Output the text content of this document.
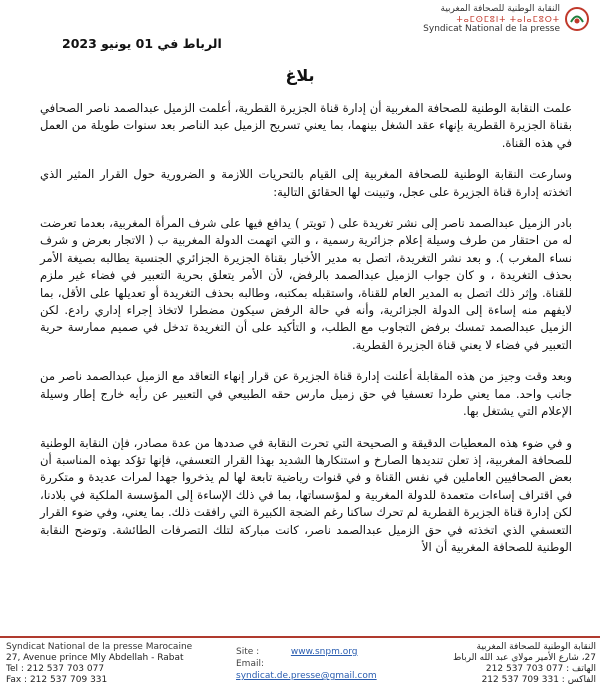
النقابة الوطنية للصحافة المغربية
ⵜⴰⵎⵙⵎⵓⵏⵜ ⵜⴰⵏⴰⵎⵓⵔⵜ
Syndicat National de la presse
الرباط في 01 يونيو 2023
بلاغ

علمت النقابة الوطنية للصحافة المغربية أن إدارة قناة الجزيرة القطرية، أعلمت الزميل عبدالصمد ناصر الصحافي بقناة الجزيرة القطرية بإنهاء عقد الشغل بينهما، بما يعني تسريح الزميل عبد الناصر بعد سنوات طويلة من العمل في هذه القناة.

وسارعت النقابة الوطنية للصحافة المغربية إلى القيام بالتحريات اللازمة و الضرورية حول القرار المثير الذي اتخذته إدارة قناة الجزيرة على عجل، وتبينت لها الحقائق التالية:

بادر الزميل عبدالصمد ناصر إلى نشر تغريدة على ( تويتر ) يدافع فيها على شرف المرأة المغربية، بعدما تعرضت له من احتقار من طرف وسيلة إعلام جزائرية رسمية ، و التي اتهمت الدولة المغربية ب ( الاتجار بعرض و شرف نساء المغرب ). و بعد نشر التغريدة، اتصل به مدير الأخبار بقناة الجزيرة الجزائري الجنسية يطالبه بصيغة الأمر بحذف التغريدة ، و كان جواب الزميل عبدالصمد بالرفض، لأن الأمر يتعلق بحرية التعبير في فضاء غير ملزم للقناة. وإثر ذلك اتصل به المدير العام للقناة، واستقبله بمكتبه، وطالبه بحذف التغريدة أو تعديلها على الأقل، بما لايفهم منه إساءة إلى الدولة الجزائرية، وأنه في حالة الرفض سيكون مضطرا لاتخاذ إجراء إداري رادع. لكن الزميل عبدالصمد تمسك برفض التجاوب مع الطلب، و التأكيد على أن التغريدة تدخل في صميم ممارسة حرية التعبير في فضاء لا يعني قناة الجزيرة القطرية.

وبعد وقت وجيز من هذه المقابلة أعلنت إدارة قناة الجزيرة عن قرار إنهاء التعاقد مع الزميل عبدالصمد ناصر من جانب واحد. مما يعني طردا تعسفيا في حق زميل مارس حقه الطبيعي في التعبير عن رأيه خارج إطار وسيلة الإعلام التي يشتغل بها.

و في ضوء هذه المعطيات الدقيقة و الصحيحة التي تحرت النقابة في صددها من عدة مصادر، فإن النقابة الوطنية للصحافة المغربية، إذ تعلن تنديدها الصارخ و استنكارها الشديد بهذا القرار التعسفي، فإنها تؤكد بهذه المناسبة أن بعض الصحافيين العاملين في نفس القناة و في قنوات رياضية تابعة لها لم يذخروا جهدا لمرات عديدة و متكررة في اقتراف إساءات متعمدة للدولة المغربية و لمؤسساتها، بما في ذلك الإساءة إلى المؤسسة الملكية في بلادنا، لكن إدارة قناة الجزيرة القطرية لم تحرك ساكنا رغم الضجة الكبيرة التي رافقت ذلك. بما يعني، وفي ضوء القرار التعسفي الذي اتخذته في حق الزميل عبدالصمد ناصر، كانت مباركة لتلك التصرفات الطائشة. وتوضح النقابة الوطنية للصحافة المغربية أن الأ

Syndicat National de la presse Marocaine
27, Avenue prince Mly Abdellah - Rabat
Tel : 212 537 703 077
Fax : 212 537 709 331
Site :	www.snpm.org
Email:
syndicat.de.presse@gmail.com
النقابة الوطنية للصحافة المغربية
27، شارع الأمير مولاي عبد الله الرباط
الهاتف : 077 703 537 212
الفاكس : 331 709 537 212
